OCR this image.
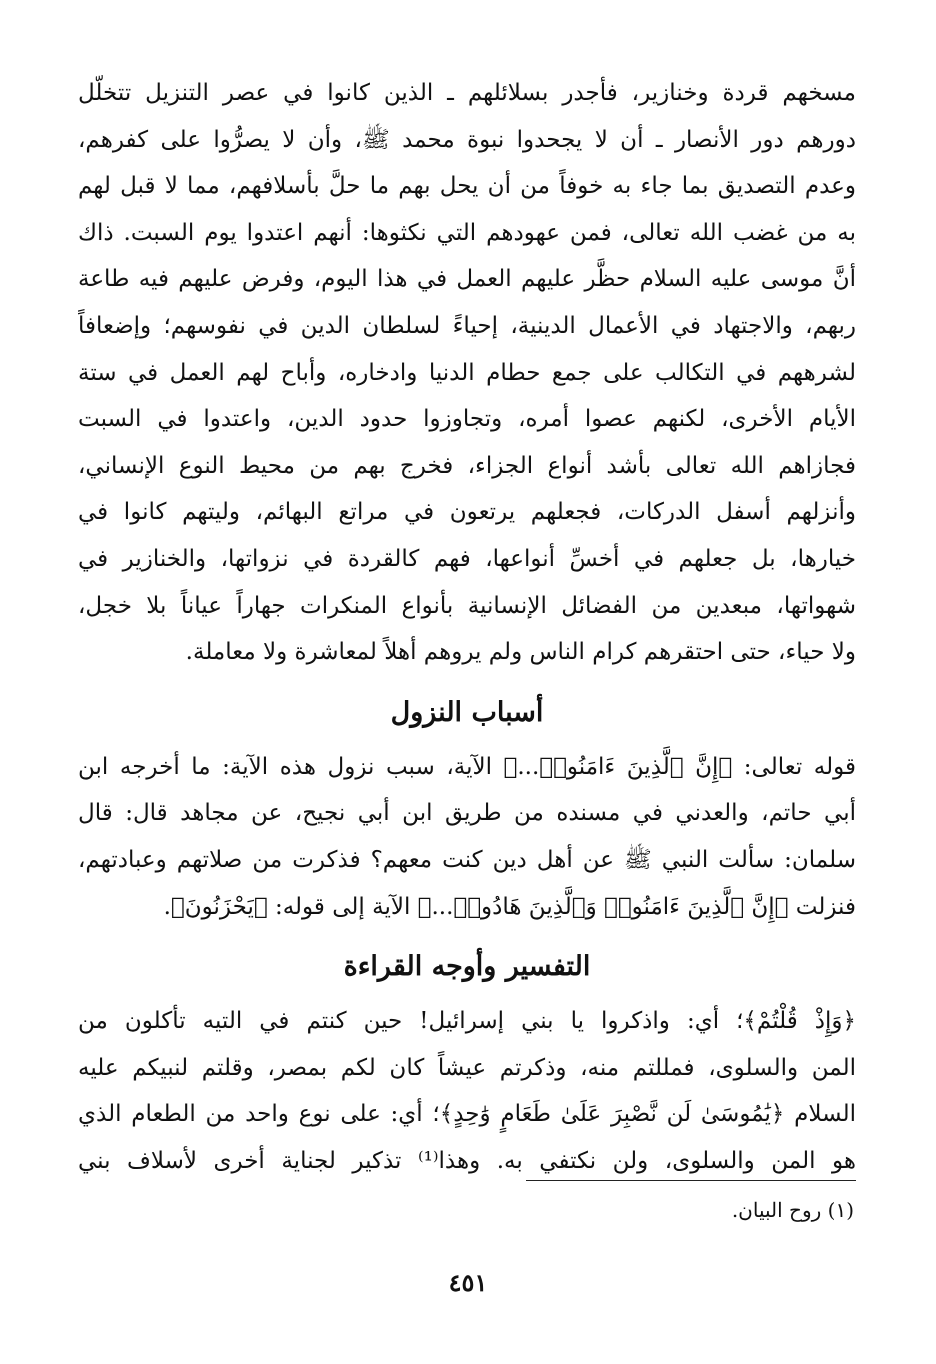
مسخهم قردة وخنازير، فأجدر بسلائلهم ـ الذين كانوا في عصر التنزيل تتخلّل
دورهم دور الأنصار ـ أن لا يجحدوا نبوة محمد ﷺ، وأن لا يصرُّوا على كفرهم،
وعدم التصديق بما جاء به خوفاً من أن يحل بهم ما حلَّ بأسلافهم، مما لا قبل لهم
به من غضب الله تعالى، فمن عهودهم التي نكثوها: أنهم اعتدوا يوم السبت. ذاك
أنَّ موسى عليه السلام حظَّر عليهم العمل في هذا اليوم، وفرض عليهم فيه طاعة
ربهم، والاجتهاد في الأعمال الدينية، إحياءً لسلطان الدين في نفوسهم؛ وإضعافاً
لشرههم في التكالب على جمع حطام الدنيا وادخاره، وأباح لهم العمل في ستة
الأيام الأخرى، لكنهم عصوا أمره، وتجاوزوا حدود الدين، واعتدوا في السبت
فجازاهم الله تعالى بأشد أنواع الجزاء، فخرج بهم من محيط النوع الإنساني،
وأنزلهم أسفل الدركات، فجعلهم يرتعون في مراتع البهائم، وليتهم كانوا في
خيارها، بل جعلهم في أخسِّ أنواعها، فهم كالقردة في نزواتها، والخنازير في
شهواتها، مبعدين من الفضائل الإنسانية بأنواع المنكرات جهاراً عياناً بلا خجل،
ولا حياء، حتى احتقرهم كرام الناس ولم يروهم أهلاً لمعاشرة ولا معاملة.
أسباب النزول
قوله تعالى: ﴿إِنَّ ٱلَّذِينَ ءَامَنُوا۟...﴾ الآية، سبب نزول هذه الآية: ما أخرجه ابن
أبي حاتم، والعدني في مسنده من طريق ابن أبي نجيح، عن مجاهد قال: قال
سلمان: سألت النبي ﷺ عن أهل دين كنت معهم؟ فذكرت من صلاتهم وعبادتهم،
فنزلت ﴿إِنَّ ٱلَّذِينَ ءَامَنُوا۟ وَٱلَّذِينَ هَادُوا۟...﴾ الآية إلى قوله: ﴿يَحْزَنُونَ﴾.
التفسير وأوجه القراءة
﴿وَإِذْ قُلْتُمْ﴾؛ أي: واذكروا يا بني إسرائيل! حين كنتم في التيه تأكلون من
المن والسلوى، فمللتم منه، وذكرتم عيشاً كان لكم بمصر، وقلتم لنبيكم عليه
السلام ﴿يَٰمُوسَىٰ لَن نَّصْبِرَ عَلَىٰ طَعَامٍ وَٰحِدٍ﴾؛ أي: على نوع واحد من الطعام الذي
هو المن والسلوى، ولن نكتفي به. وهذا⁽¹⁾ تذكير لجناية أخرى لأسلاف بني
(١) روح البيان.
٤٥١
